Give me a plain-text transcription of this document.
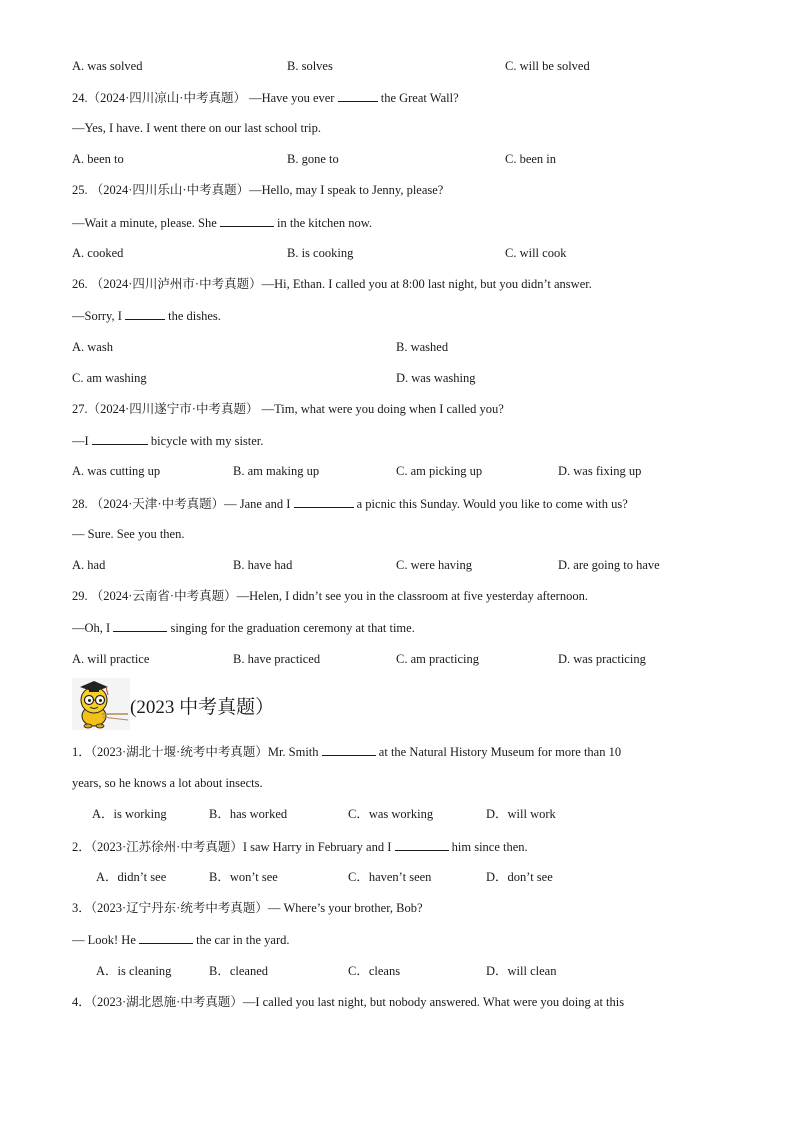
A. was solved	B. solves	C. will be solved
24.（2024·四川凉山·中考真题） —Have you ever	the Great Wall?
—Yes, I have. I went there on our last school trip.
A. been to	B. gone to	C. been in
25. （2024·四川乐山·中考真题）—Hello, may I speak to Jenny, please?
—Wait a minute, please. She	in the kitchen now.
A. cooked	B. is cooking	C. will cook
26. （2024·四川泸州市·中考真题）—Hi, Ethan. I called you at 8:00 last night, but you didn’t answer.
—Sorry, I	the dishes.
A. wash	B. washed
C. am washing	D. was washing
27.（2024·四川遂宁市·中考真题） —Tim, what were you doing when I called you?
—I	bicycle with my sister.
A. was cutting up	B. am making up	C. am picking up	D. was fixing up
28. （2024·天津·中考真题）— Jane and I	a picnic this Sunday. Would you like to come with us?
— Sure. See you then.
A. had	B. have had	C. were having	D. are going to have
29. （2024·云南省·中考真题）—Helen, I didn’t see you in the classroom at five yesterday afternoon.
—Oh, I	singing for the graduation ceremony at that time.
A. will practice	B. have practiced	C. am practicing	D. was practicing
(2023 中考真题）
1．（2023·湖北十堰·统考中考真题）Mr. Smith	at the Natural History Museum for more than 10
years, so he knows a lot about insects.
A．is working	B．has worked	C．was working	D．will work
2．（2023·江苏徐州·中考真题）I saw Harry in February and I	him since then.
A．didn’t see	B．won’t see	C．haven’t seen	D．don’t see
3．（2023·辽宁丹东·统考中考真题）— Where’s your brother, Bob?
— Look! He	the car in the yard.
A．is cleaning	B．cleaned	C．cleans	D．will clean
4．（2023·湖北恩施·中考真题）—I called you last night, but nobody answered. What were you doing at this
